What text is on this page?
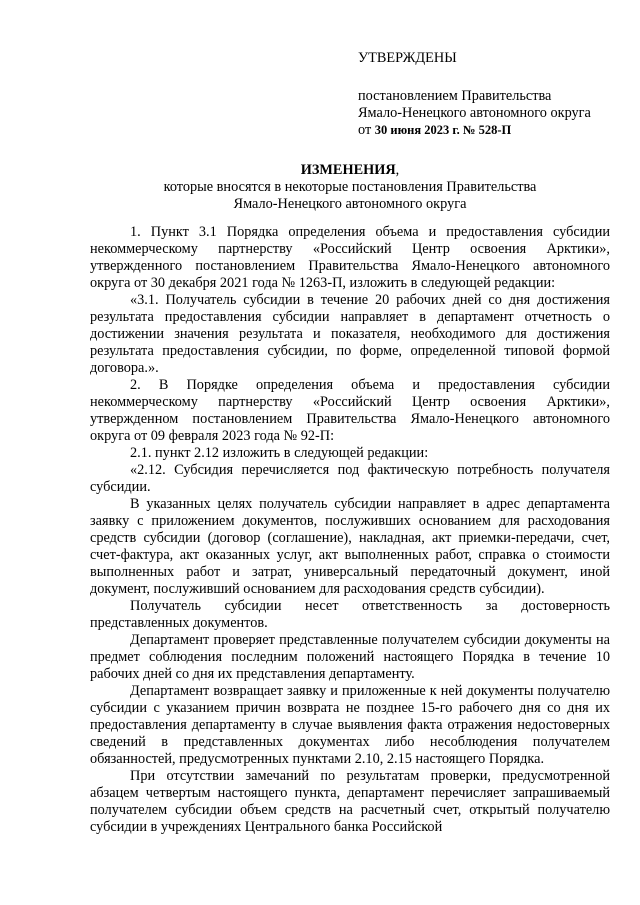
УТВЕРЖДЕНЫ
постановлением Правительства
Ямало-Ненецкого автономного округа
от 30 июня 2023 г. № 528-П
ИЗМЕНЕНИЯ,
которые вносятся в некоторые постановления Правительства
Ямало-Ненецкого автономного округа

1. Пункт 3.1 Порядка определения объема и предоставления субсидии некоммерческому партнерству «Российский Центр освоения Арктики», утвержденного постановлением Правительства Ямало-Ненецкого автономного округа от 30 декабря 2021 года № 1263-П, изложить в следующей редакции:

«3.1. Получатель субсидии в течение 20 рабочих дней со дня достижения результата предоставления субсидии направляет в департамент отчетность о достижении значения результата и показателя, необходимого для достижения результата предоставления субсидии, по форме, определенной типовой формой договора.».

2. В Порядке определения объема и предоставления субсидии некоммерческому партнерству «Российский Центр освоения Арктики», утвержденном постановлением Правительства Ямало-Ненецкого автономного округа от 09 февраля 2023 года № 92-П:

2.1. пункт 2.12 изложить в следующей редакции:

«2.12. Субсидия перечисляется под фактическую потребность получателя субсидии.

В указанных целях получатель субсидии направляет в адрес департамента заявку с приложением документов, послуживших основанием для расходования средств субсидии (договор (соглашение), накладная, акт приемки-передачи, счет, счет-фактура, акт оказанных услуг, акт выполненных работ, справка о стоимости выполненных работ и затрат, универсальный передаточный документ, иной документ, послуживший основанием для расходования средств субсидии).

Получатель субсидии несет ответственность за достоверность представленных документов.

Департамент проверяет представленные получателем субсидии документы на предмет соблюдения последним положений настоящего Порядка в течение 10 рабочих дней со дня их представления департаменту.

Департамент возвращает заявку и приложенные к ней документы получателю субсидии с указанием причин возврата не позднее 15-го рабочего дня со дня их предоставления департаменту в случае выявления факта отражения недостоверных сведений в представленных документах либо несоблюдения получателем обязанностей, предусмотренных пунктами 2.10, 2.15 настоящего Порядка.

При отсутствии замечаний по результатам проверки, предусмотренной абзацем четвертым настоящего пункта, департамент перечисляет запрашиваемый получателем субсидии объем средств на расчетный счет, открытый получателю субсидии в учреждениях Центрального банка Российской
